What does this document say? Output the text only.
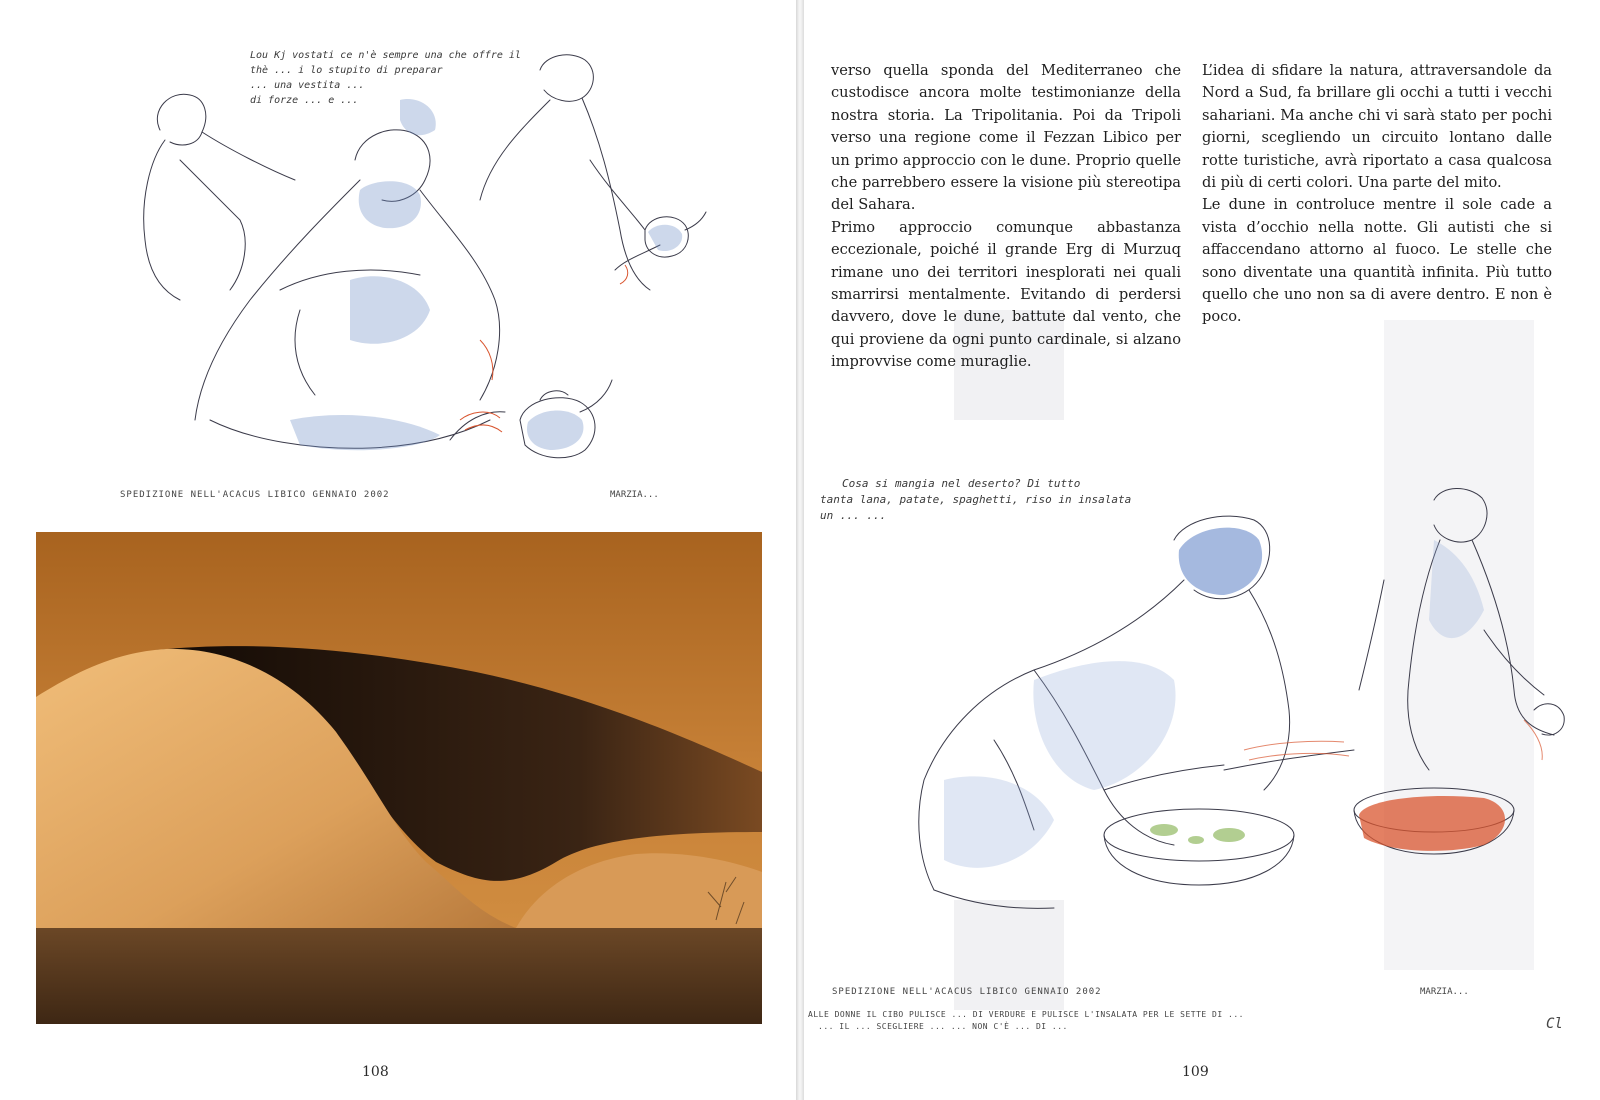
Lou Kj vostati ce n'è sempre una che offre il
thè ... i lo stupito di preparar
... una vestita ...
di forze ... e ...
SPEDIZIONE NELL'ACACUS LIBICO GENNAIO 2002	MARZIA...
108

verso quella sponda del Mediterraneo che custodisce ancora molte testimonianze della nostra storia. La Tripolitania. Poi da Tripoli verso una regione come il Fezzan Libico per un primo approccio con le dune. Proprio quelle che parrebbero essere la visione più stereotipa del Sahara.

Primo approccio comunque abbastanza eccezionale, poiché il grande Erg di Murzuq rimane uno dei territori inesplorati nei quali smarrirsi mentalmente. Evitando di perdersi davvero, dove le dune, battute dal vento, che qui proviene da ogni punto cardinale, si alzano improvvise come muraglie.

L’idea di sfidare la natura, attraversandole da Nord a Sud, fa brillare gli occhi a tutti i vecchi sahariani. Ma anche chi vi sarà stato per pochi giorni, scegliendo un circuito lontano dalle rotte turistiche, avrà riportato a casa qualcosa di più di certi colori. Una parte del mito.

Le dune in controluce mentre il sole cade a vista d’occhio nella notte. Gli autisti che si affaccendano attorno al fuoco. Le stelle che sono diventate una quantità infinita. Più tutto quello che uno non sa di avere dentro. E non è poco.

Cosa si mangia nel deserto? Di tutto
tanta lana, patate, spaghetti, riso in insalata
un ... ...
SPEDIZIONE NELL'ACACUS LIBICO GENNAIO 2002	MARZIA...
ALLE DONNE IL CIBO PULISCE ... DI VERDURE E PULISCE L'INSALATA PER LE SETTE DI ...
... IL ... SCEGLIERE ... ... NON C'È ... DI ...	Cl
109
